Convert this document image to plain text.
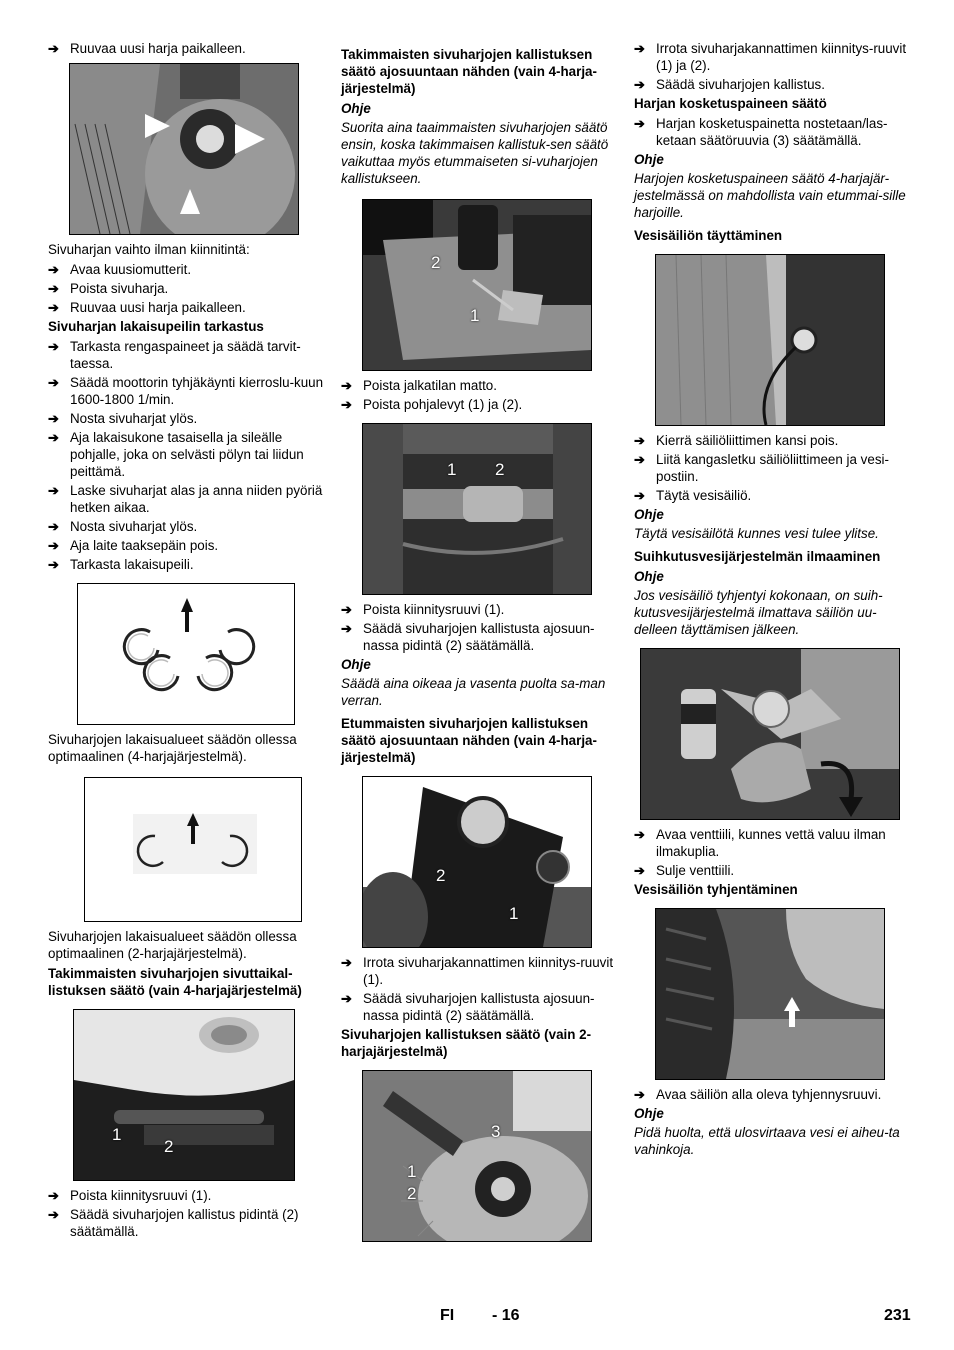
➔ Ruuvaa uusi harja paikalleen.
Sivuharjan vaihto ilman kiinnitintä:
➔ Avaa kuusiomutterit.
➔ Poista sivuharja.
➔ Ruuvaa uusi harja paikalleen.
Sivuharjan lakaisupeilin tarkastus
➔ Tarkasta rengaspaineet ja säädä tarvit-taessa.
➔ Säädä moottorin tyhjäkäynti kierroslu-kuun 1600-1800 1/min.
➔ Nosta sivuharjat ylös.
➔ Aja lakaisukone tasaisella ja sileälle pohjalle, joka on selvästi pölyn tai liidun peittämä.
➔ Laske sivuharjat alas ja anna niiden pyöriä hetken aikaa.
➔ Nosta sivuharjat ylös.
➔ Aja laite taaksepäin pois.
➔ Tarkasta lakaisupeili.
Sivuharjojen lakaisualueet säädön ollessa optimaalinen (4-harjajärjestelmä).
Sivuharjojen lakaisualueet säädön ollessa optimaalinen (2-harjajärjestelmä).
Takimmaisten sivuharjojen sivuttaikal-listuksen säätö (vain 4-harjajärjestelmä)
1
2
➔ Poista kiinnitysruuvi (1).
➔ Säädä sivuharjojen kallistus pidintä (2) säätämällä.
Takimmaisten sivuharjojen kallistuksen säätö ajosuuntaan nähden (vain 4-harja-järjestelmä)
Ohje
Suorita aina taaimmaisten sivuharjojen säätö ensin, koska takimmaisen kallistuk-sen säätö vaikuttaa myös etummaiseten si-vuharjojen kallistukseen.
2
1
➔ Poista jalkatilan matto.
➔ Poista pohjalevyt (1) ja (2).
1 2
➔ Poista kiinnitysruuvi (1).
➔ Säädä sivuharjojen kallistusta ajosuun-nassa pidintä (2) säätämällä.
Ohje
Säädä aina oikeaa ja vasenta puolta sa-man verran.
Etummaisten sivuharjojen kallistuksen säätö ajosuuntaan nähden (vain 4-harja-järjestelmä)
2
1
➔ Irrota sivuharjakannattimen kiinnitys-ruuvit (1).
➔ Säädä sivuharjojen kallistusta ajosuun-nassa pidintä (2) säätämällä.
Sivuharjojen kallistuksen säätö (vain 2-harjajärjestelmä)
3
1
2
➔ Irrota sivuharjakannattimen kiinnitys-ruuvit (1) ja (2).
➔ Säädä sivuharjojen kallistus.
Harjan kosketuspaineen säätö
➔ Harjan kosketuspainetta nostetaan/las-ketaan säätöruuvia (3) säätämällä.
Ohje
Harjojen kosketuspaineen säätö 4-harjajär-jestelmässä on mahdollista vain etummai-sille harjoille.
Vesisäiliön täyttäminen
➔ Kierrä säiliöliittimen kansi pois.
➔ Liitä kangasletku säiliöliittimeen ja vesi-postiin.
➔ Täytä vesisäiliö.
Ohje
Täytä vesisäilötä kunnes vesi tulee ylitse.
Suihkutusvesijärjestelmän ilmaaminen
Ohje
Jos vesisäiliö tyhjentyi kokonaan, on suih-kutusvesijärjestelmä ilmattava säiliön uu-delleen täyttämisen jälkeen.
➔ Avaa venttiili, kunnes vettä valuu ilman ilmakuplia.
➔ Sulje venttiili.
Vesisäiliön tyhjentäminen
➔ Avaa säiliön alla oleva tyhjennysruuvi.
Ohje
Pidä huolta, että ulosvirtaava vesi ei aiheu-ta vahinkoja.
FI - 16	231
